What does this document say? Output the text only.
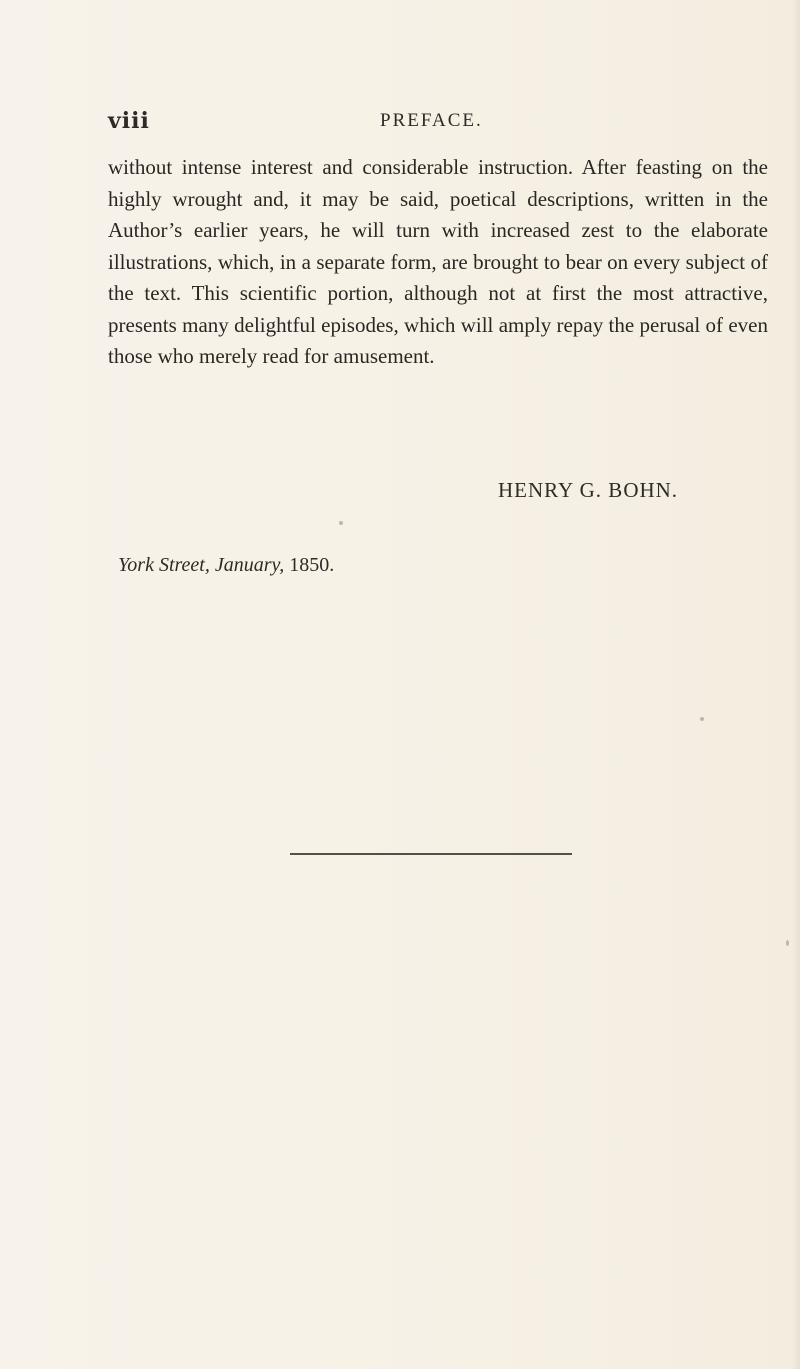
viii	PREFACE.

without intense interest and considerable instruction. After feasting on the highly wrought and, it may be said, poetical descriptions, written in the Author’s earlier years, he will turn with increased zest to the elaborate illustrations, which, in a separate form, are brought to bear on every subject of the text. This scientific portion, although not at first the most attractive, presents many delightful episodes, which will amply repay the perusal of even those who merely read for amusement.

HENRY G. BOHN.
York Street, January, 1850.
